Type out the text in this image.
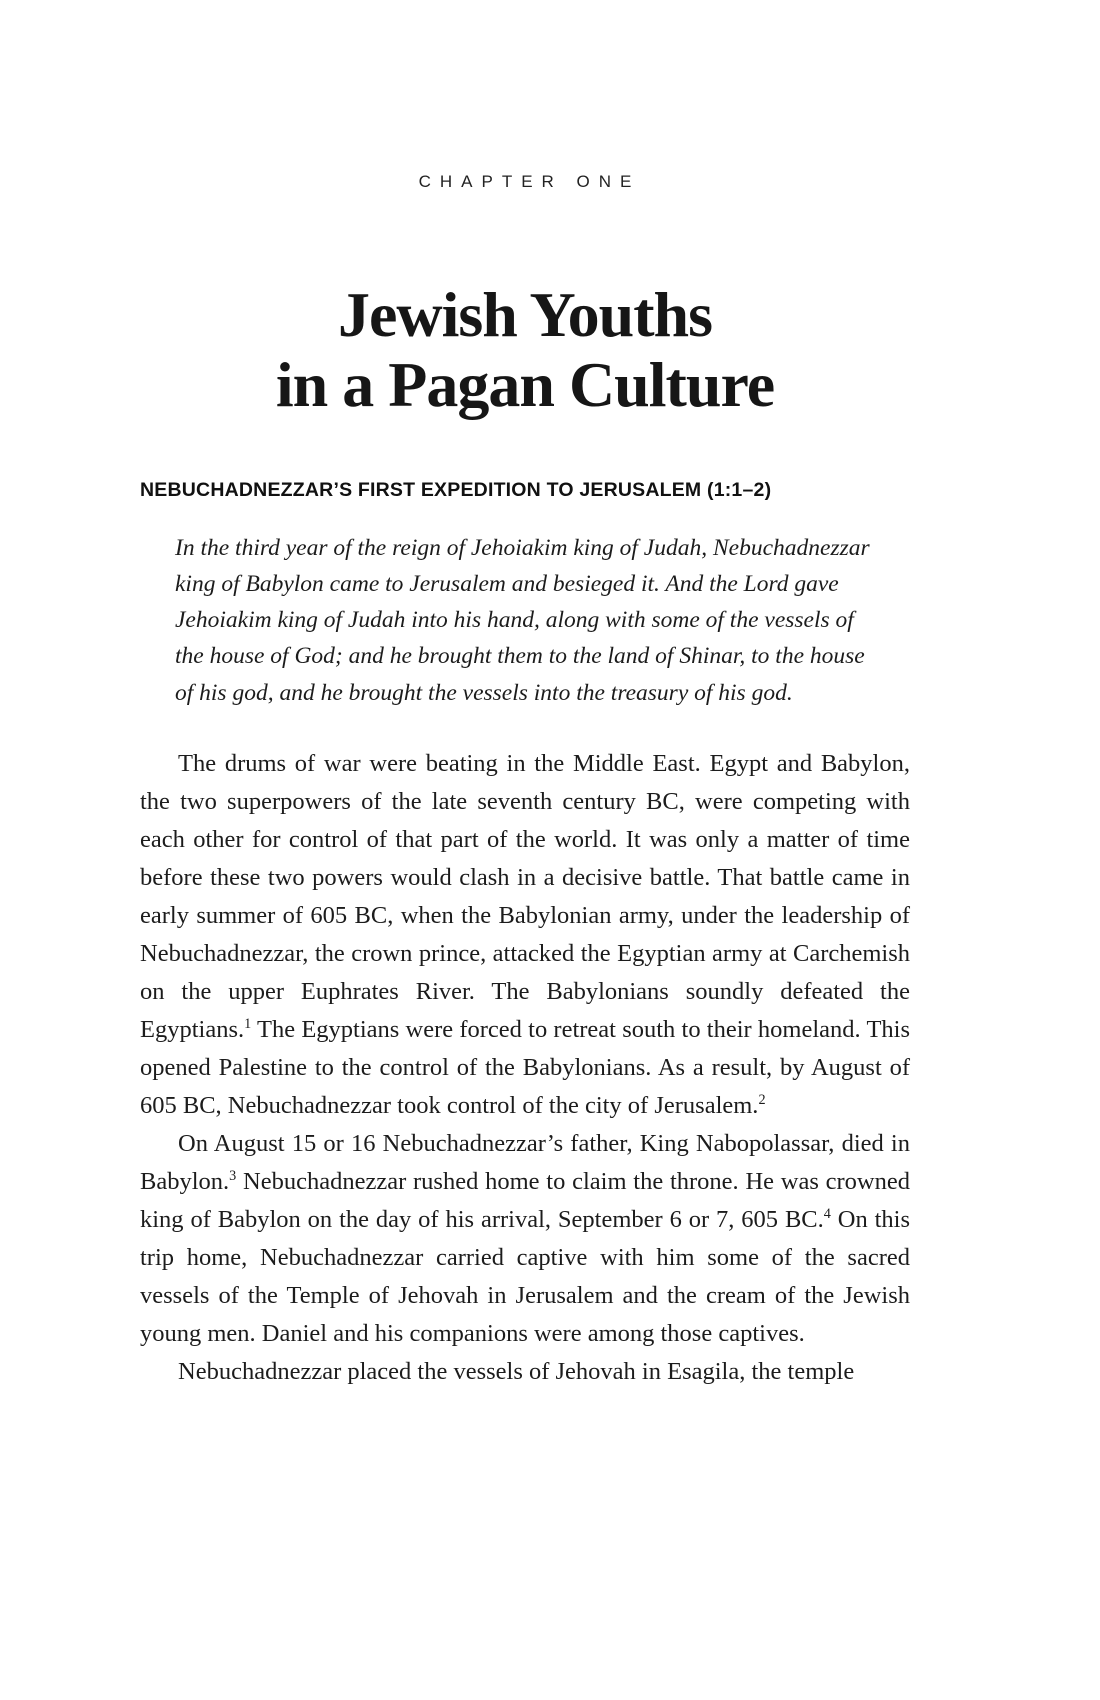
CHAPTER ONE
Jewish Youths
in a Pagan Culture
NEBUCHADNEZZAR’S FIRST EXPEDITION TO JERUSALEM (1:1–2)
In the third year of the reign of Jehoiakim king of Judah, Nebuchadnezzar king of Babylon came to Jerusalem and besieged it. And the Lord gave Jehoiakim king of Judah into his hand, along with some of the vessels of the house of God; and he brought them to the land of Shinar, to the house of his god, and he brought the vessels into the treasury of his god.

The drums of war were beating in the Middle East. Egypt and Babylon, the two superpowers of the late seventh century BC, were competing with each other for control of that part of the world. It was only a matter of time before these two powers would clash in a decisive battle. That battle came in early summer of 605 BC, when the Babylonian army, under the leadership of Nebuchadnezzar, the crown prince, attacked the Egyptian army at Carchemish on the upper Euphrates River. The Babylonians soundly defeated the Egyptians.$^1$ The Egyptians were forced to retreat south to their homeland. This opened Palestine to the control of the Babylonians. As a result, by August of 605 BC, Nebuchadnezzar took control of the city of Jerusalem.$^2$

On August 15 or 16 Nebuchadnezzar’s father, King Nabopolassar, died in Babylon.$^3$ Nebuchadnezzar rushed home to claim the throne. He was crowned king of Babylon on the day of his arrival, September 6 or 7, 605 BC.$^4$ On this trip home, Nebuchadnezzar carried captive with him some of the sacred vessels of the Temple of Jehovah in Jerusalem and the cream of the Jewish young men. Daniel and his companions were among those captives.

Nebuchadnezzar placed the vessels of Jehovah in Esagila, the temple
